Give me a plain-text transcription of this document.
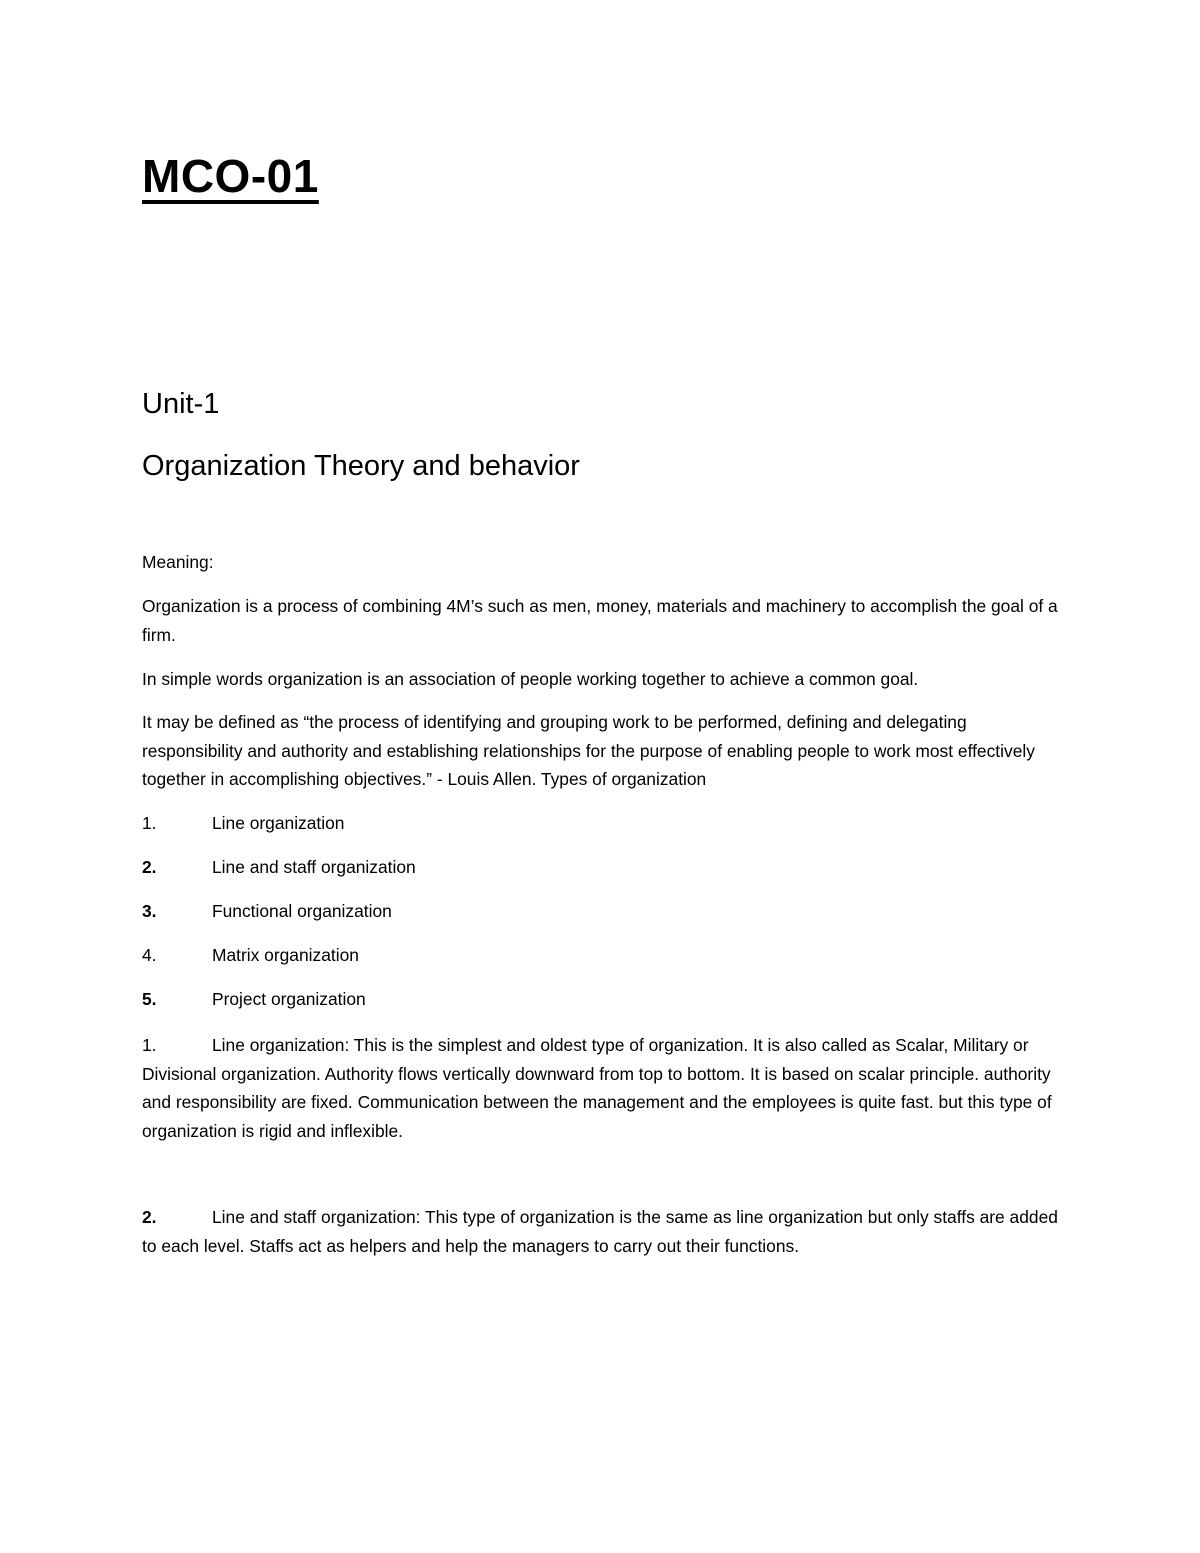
MCO-01
Unit-1
Organization Theory and behavior

Meaning:

Organization is a process of combining 4M’s such as men, money, materials and machinery to accomplish the goal of a firm.

In simple words organization is an association of people working together to achieve a common goal.

It may be defined as “the process of identifying and grouping work to be performed, defining and delegating responsibility and authority and establishing relationships for the purpose of enabling people to work most effectively together in accomplishing objectives.” - Louis Allen. Types of organization

1.	Line organization
2.	Line and staff organization
3.	Functional organization
4.	Matrix organization
5.	Project organization

1.	Line organization: This is the simplest and oldest type of organization. It is also called as Scalar, Military or Divisional organization. Authority flows vertically downward from top to bottom. It is based on scalar principle. authority and responsibility are fixed. Communication between the management and the employees is quite fast. but this type of organization is rigid and inflexible.

2.	Line and staff organization: This type of organization is the same as line organization but only staffs are added to each level. Staffs act as helpers and help the managers to carry out their functions.
